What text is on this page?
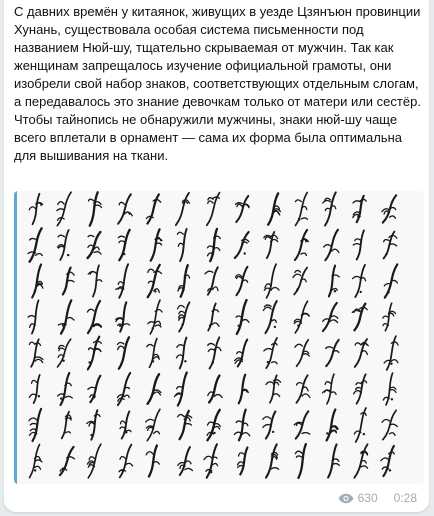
С давних времён у китаянок, живущих в уезде Цзянъюн провинции Хунань, существовала особая система письменности под названием Нюй-шу, тщательно скрываемая от мужчин. Так как женщинам запрещалось изучение официальной грамоты, они изобрели свой набор знаков, соответствующих отдельным слогам, а передавалось это знание девочкам только от матери или сестёр. Чтобы тайнопись не обнаружили мужчины, знаки нюй-шу чаще всего вплетали в орнамент — сама их форма была оптимальна для вышивания на ткани.

630 0:28
